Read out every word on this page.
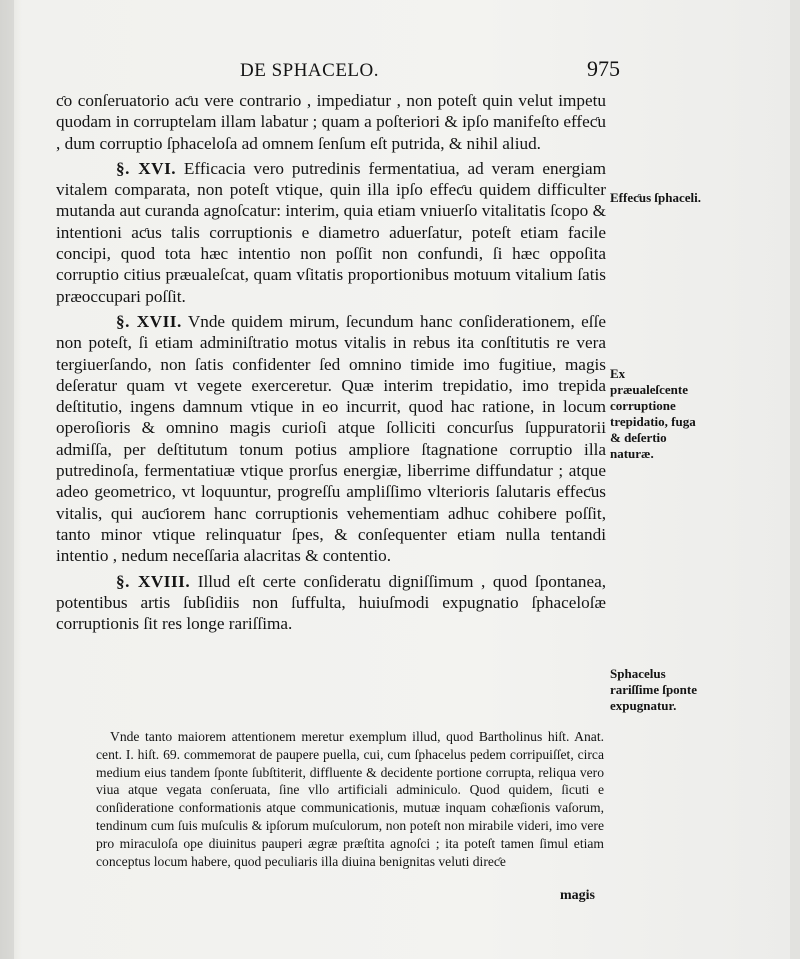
DE SPHACELO.	975

ƈo conſeruatorio aƈu vere contrario , impediatur , non poteſt quin velut impetu quodam in corruptelam illam labatur ; quam a poſteriori & ipſo manifeſto effeƈu , dum corruptio ſphaceloſa ad omnem ſenſum eſt putrida, & nihil aliud.

§. XVI. Efficacia vero putredinis fermentatiua, ad veram energiam vitalem comparata, non poteſt vtique, quin illa ipſo effeƈu quidem difficulter mutanda aut curanda agnoſcatur: interim, quia etiam vniuerſo vitalitatis ſcopo & intentioni aƈus talis corruptionis e diametro aduerſatur, poteſt etiam facile concipi, quod tota hæc intentio non poſſit non confundi, ſi hæc oppoſita corruptio citius præualeſcat, quam vſitatis proportionibus motuum vitalium ſatis præoccupari poſſit.

§. XVII. Vnde quidem mirum, ſecundum hanc conſiderationem, eſſe non poteſt, ſi etiam adminiſtratio motus vitalis in rebus ita conſtitutis re vera tergiuerſando, non ſatis confidenter ſed omnino timide imo fugitiue, magis deſeratur quam vt vegete exerceretur. Quæ interim trepidatio, imo trepida deſtitutio, ingens damnum vtique in eo incurrit, quod hac ratione, in locum operoſioris & omnino magis curioſi atque ſolliciti concurſus ſuppuratorii admiſſa, per deſtitutum tonum potius ampliore ſtagnatione corruptio illa putredinoſa, fermentatiuæ vtique prorſus energiæ, liberrime diffundatur ; atque adeo geometrico, vt loquuntur, progreſſu ampliſſimo vlterioris ſalutaris effeƈus vitalis, qui auƈiorem hanc corruptionis vehementiam adhuc cohibere poſſit, tanto minor vtique relinquatur ſpes, & conſequenter etiam nulla tentandi intentio , nedum neceſſaria alacritas & contentio.

§. XVIII. Illud eſt certe conſideratu digniſſimum , quod ſpontanea, potentibus artis ſubſidiis non ſuffulta, huiuſmodi expugnatio ſphaceloſæ corruptionis ſit res longe rariſſima.

Vnde tanto maiorem attentionem meretur exemplum illud, quod Bartholinus hiſt. Anat. cent. I. hiſt. 69. commemorat de paupere puella, cui, cum ſphacelus pedem corripuiſſet, circa medium eius tandem ſponte ſubſtiterit, diffluente & decidente portione corrupta, reliqua vero viua atque vegata conſeruata, ſine vllo artificiali adminiculo. Quod quidem, ſicuti e conſideratione conformationis atque communicationis, mutuæ inquam cohæſionis vaſorum, tendinum cum ſuis muſculis & ipſorum muſculorum, non poteſt non mirabile videri, imo vere pro miraculoſa ope diuinitus pauperi ægræ præſtita agnoſci ; ita poteſt tamen ſimul etiam conceptus locum habere, quod peculiaris illa diuina benignitas veluti direƈe
magis
Effeƈus ſphaceli.
Ex præualeſcente corruptione trepidatio, fuga & deſertio naturæ.
Sphacelus rariſſime ſponte expugnatur.
